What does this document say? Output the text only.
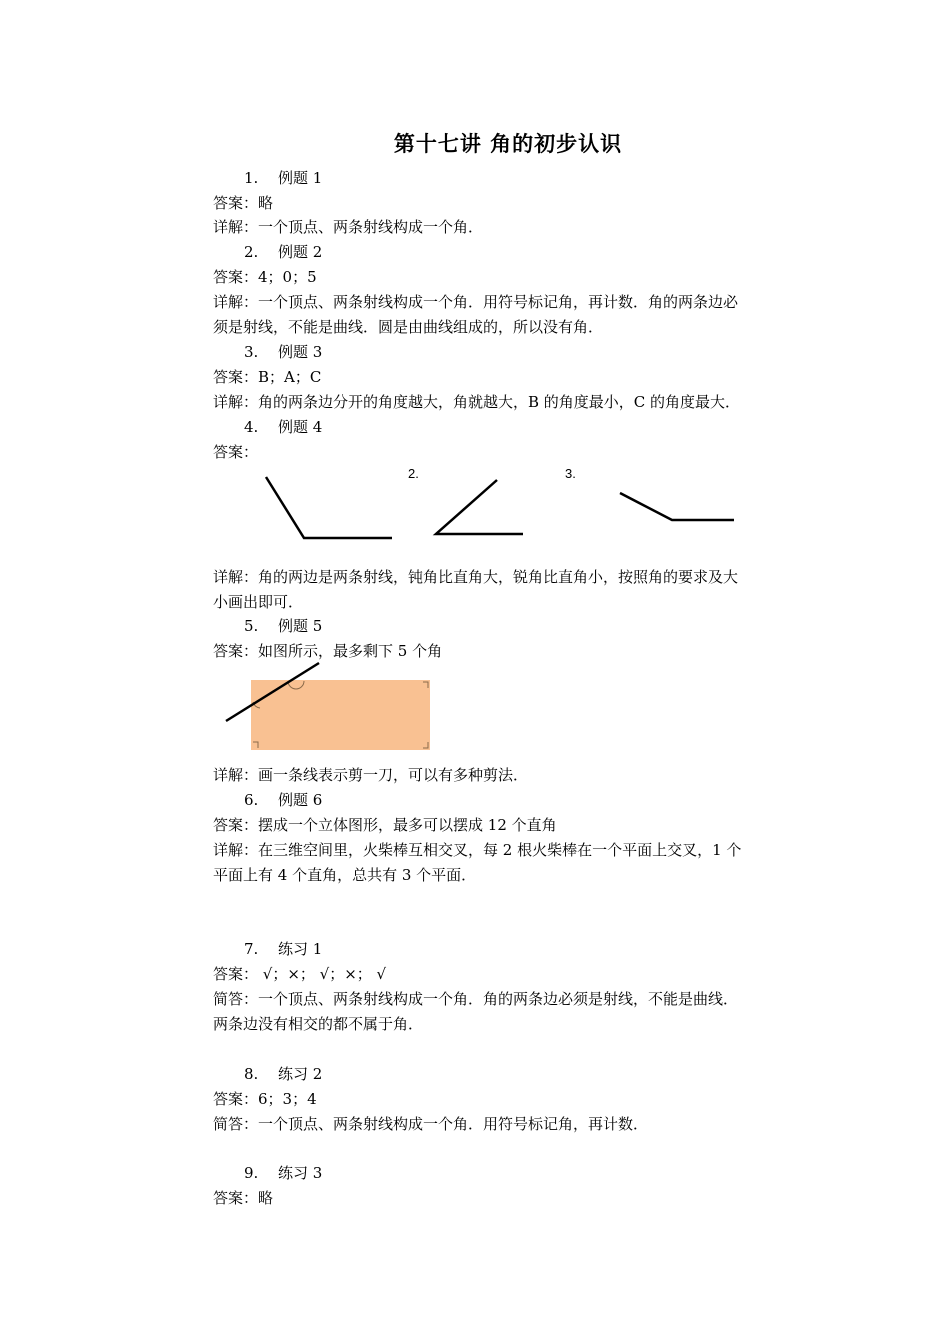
第十七讲 角的初步认识
1. 例题 1
答案：略
详解：一个顶点、两条射线构成一个角．
2. 例题 2
答案：4；0；5
详解：一个顶点、两条射线构成一个角．用符号标记角，再计数．角的两条边必
须是射线，不能是曲线．圆是由曲线组成的，所以没有角．
3. 例题 3
答案：B；A；C
详解：角的两条边分开的角度越大，角就越大，B 的角度最小，C 的角度最大．
4. 例题 4
答案：
2.	3.
详解：角的两边是两条射线，钝角比直角大，锐角比直角小，按照角的要求及大
小画出即可．
5. 例题 5
答案：如图所示，最多剩下 5 个角
详解：画一条线表示剪一刀，可以有多种剪法．
6. 例题 6
答案：摆成一个立体图形，最多可以摆成 12 个直角
详解：在三维空间里，火柴棒互相交叉，每 2 根火柴棒在一个平面上交叉，1 个
平面上有 4 个直角，总共有 3 个平面．
7. 练习 1
答案： √；×； √；×； √
简答：一个顶点、两条射线构成一个角．角的两条边必须是射线，不能是曲线．
两条边没有相交的都不属于角．
8. 练习 2
答案：6；3；4
简答：一个顶点、两条射线构成一个角．用符号标记角，再计数．
9. 练习 3
答案：略
